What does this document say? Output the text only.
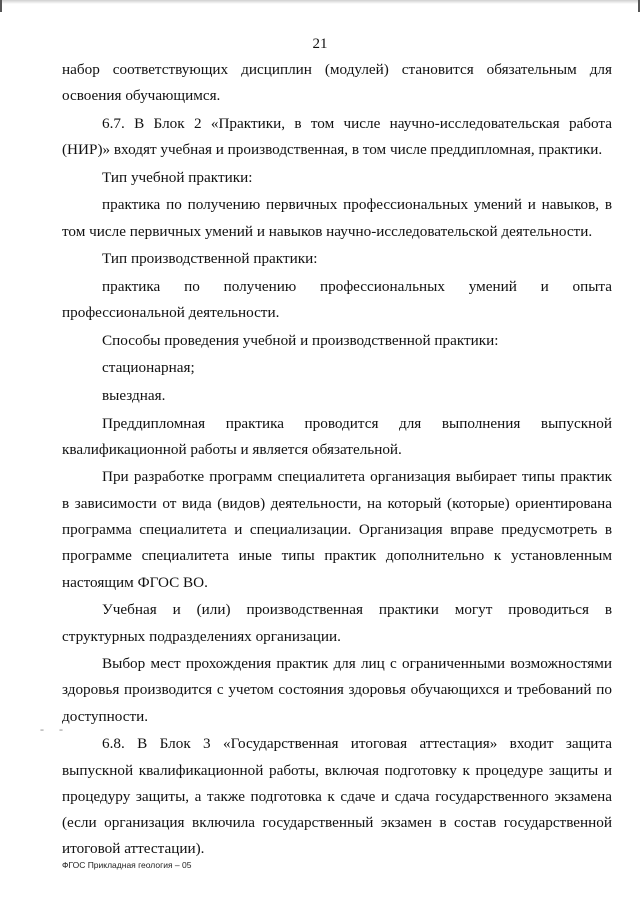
21

набор соответствующих дисциплин (модулей) становится обязательным для освоения обучающимся.

6.7. В Блок 2 «Практики, в том числе научно-исследовательская работа (НИР)» входят учебная и производственная, в том числе преддипломная, практики.

Тип учебной практики:

практика по получению первичных профессиональных умений и навыков, в том числе первичных умений и навыков научно-исследовательской деятельности.

Тип производственной практики:

практика по получению профессиональных умений и опыта профессиональной деятельности.

Способы проведения учебной и производственной практики:

стационарная;

выездная.

Преддипломная практика проводится для выполнения выпускной квалификационной работы и является обязательной.

При разработке программ специалитета организация выбирает типы практик в зависимости от вида (видов) деятельности, на который (которые) ориентирована программа специалитета и специализации. Организация вправе предусмотреть в программе специалитета иные типы практик дополнительно к установленным настоящим ФГОС ВО.

Учебная и (или) производственная практики могут проводиться в структурных подразделениях организации.

Выбор мест прохождения практик для лиц с ограниченными возможностями здоровья производится с учетом состояния здоровья обучающихся и требований по доступности.

6.8. В Блок 3 «Государственная итоговая аттестация» входит защита выпускной квалификационной работы, включая подготовку к процедуре защиты и процедуру защиты, а также подготовка к сдаче и сдача государственного экзамена (если организация включила государственный экзамен в состав государственной итоговой аттестации).

- -
ФГОС Прикладная геология – 05
